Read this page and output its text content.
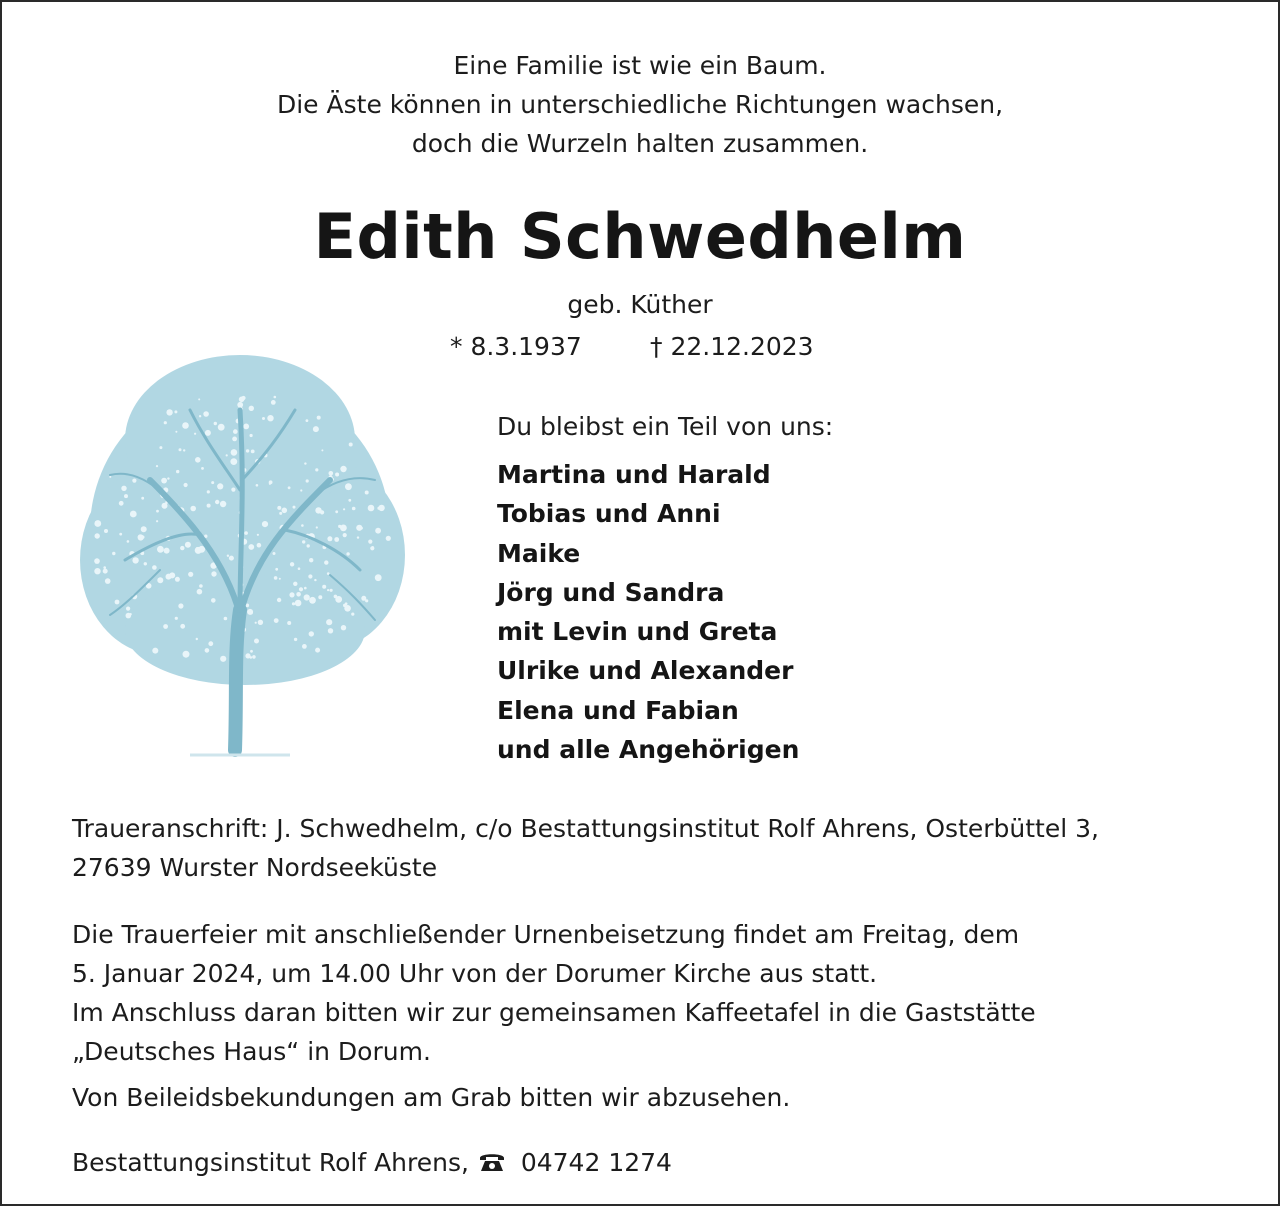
Eine Familie ist wie ein Baum.
Die Äste können in unterschiedliche Richtungen wachsen,
doch die Wurzeln halten zusammen.
Edith Schwedhelm
geb. Küther
* 8.3.1937	† 22.12.2023
Du bleibst ein Teil von uns:
Martina und Harald
Tobias und Anni
Maike
Jörg und Sandra
mit Levin und Greta
Ulrike und Alexander
Elena und Fabian
und alle Angehörigen
Traueranschrift: J. Schwedhelm, c/o Bestattungsinstitut Rolf Ahrens, Osterbüttel 3,
27639 Wurster Nordseeküste
Die Trauerfeier mit anschließender Urnenbeisetzung findet am Freitag, dem
5. Januar 2024, um 14.00 Uhr von der Dorumer Kirche aus statt.
Im Anschluss daran bitten wir zur gemeinsamen Kaffeetafel in die Gaststätte
„Deutsches Haus“ in Dorum.
Von Beileidsbekundungen am Grab bitten wir abzusehen.
Bestattungsinstitut Rolf Ahrens, 04742 1274
